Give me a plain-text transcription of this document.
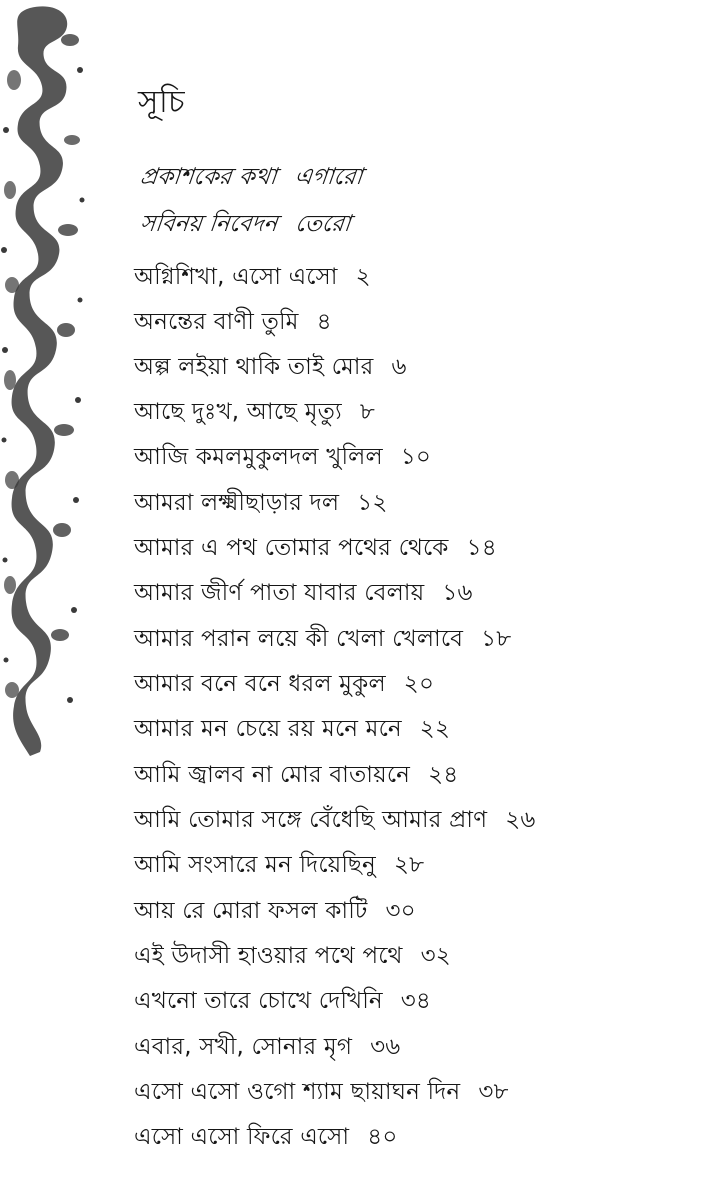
সূচি
প্রকাশকের কথা এগারো
সবিনয় নিবেদন তেরো
অগ্নিশিখা, এসো এসো ২
অনন্তের বাণী তুমি ৪
অল্প লইয়া থাকি তাই মোর ৬
আছে দুঃখ, আছে মৃত্যু ৮
আজি কমলমুকুলদল খুলিল ১০
আমরা লক্ষ্মীছাড়ার দল ১২
আমার এ পথ তোমার পথের থেকে ১৪
আমার জীর্ণ পাতা যাবার বেলায় ১৬
আমার পরান লয়ে কী খেলা খেলাবে ১৮
আমার বনে বনে ধরল মুকুল ২০
আমার মন চেয়ে রয় মনে মনে ২২
আমি জ্বালব না মোর বাতায়নে ২৪
আমি তোমার সঙ্গে বেঁধেছি আমার প্রাণ ২৬
আমি সংসারে মন দিয়েছিনু ২৮
আয় রে মোরা ফসল কাটি ৩০
এই উদাসী হাওয়ার পথে পথে ৩২
এখনো তারে চোখে দেখিনি ৩৪
এবার, সখী, সোনার মৃগ ৩৬
এসো এসো ওগো শ্যাম ছায়াঘন দিন ৩৮
এসো এসো ফিরে এসো ৪০
